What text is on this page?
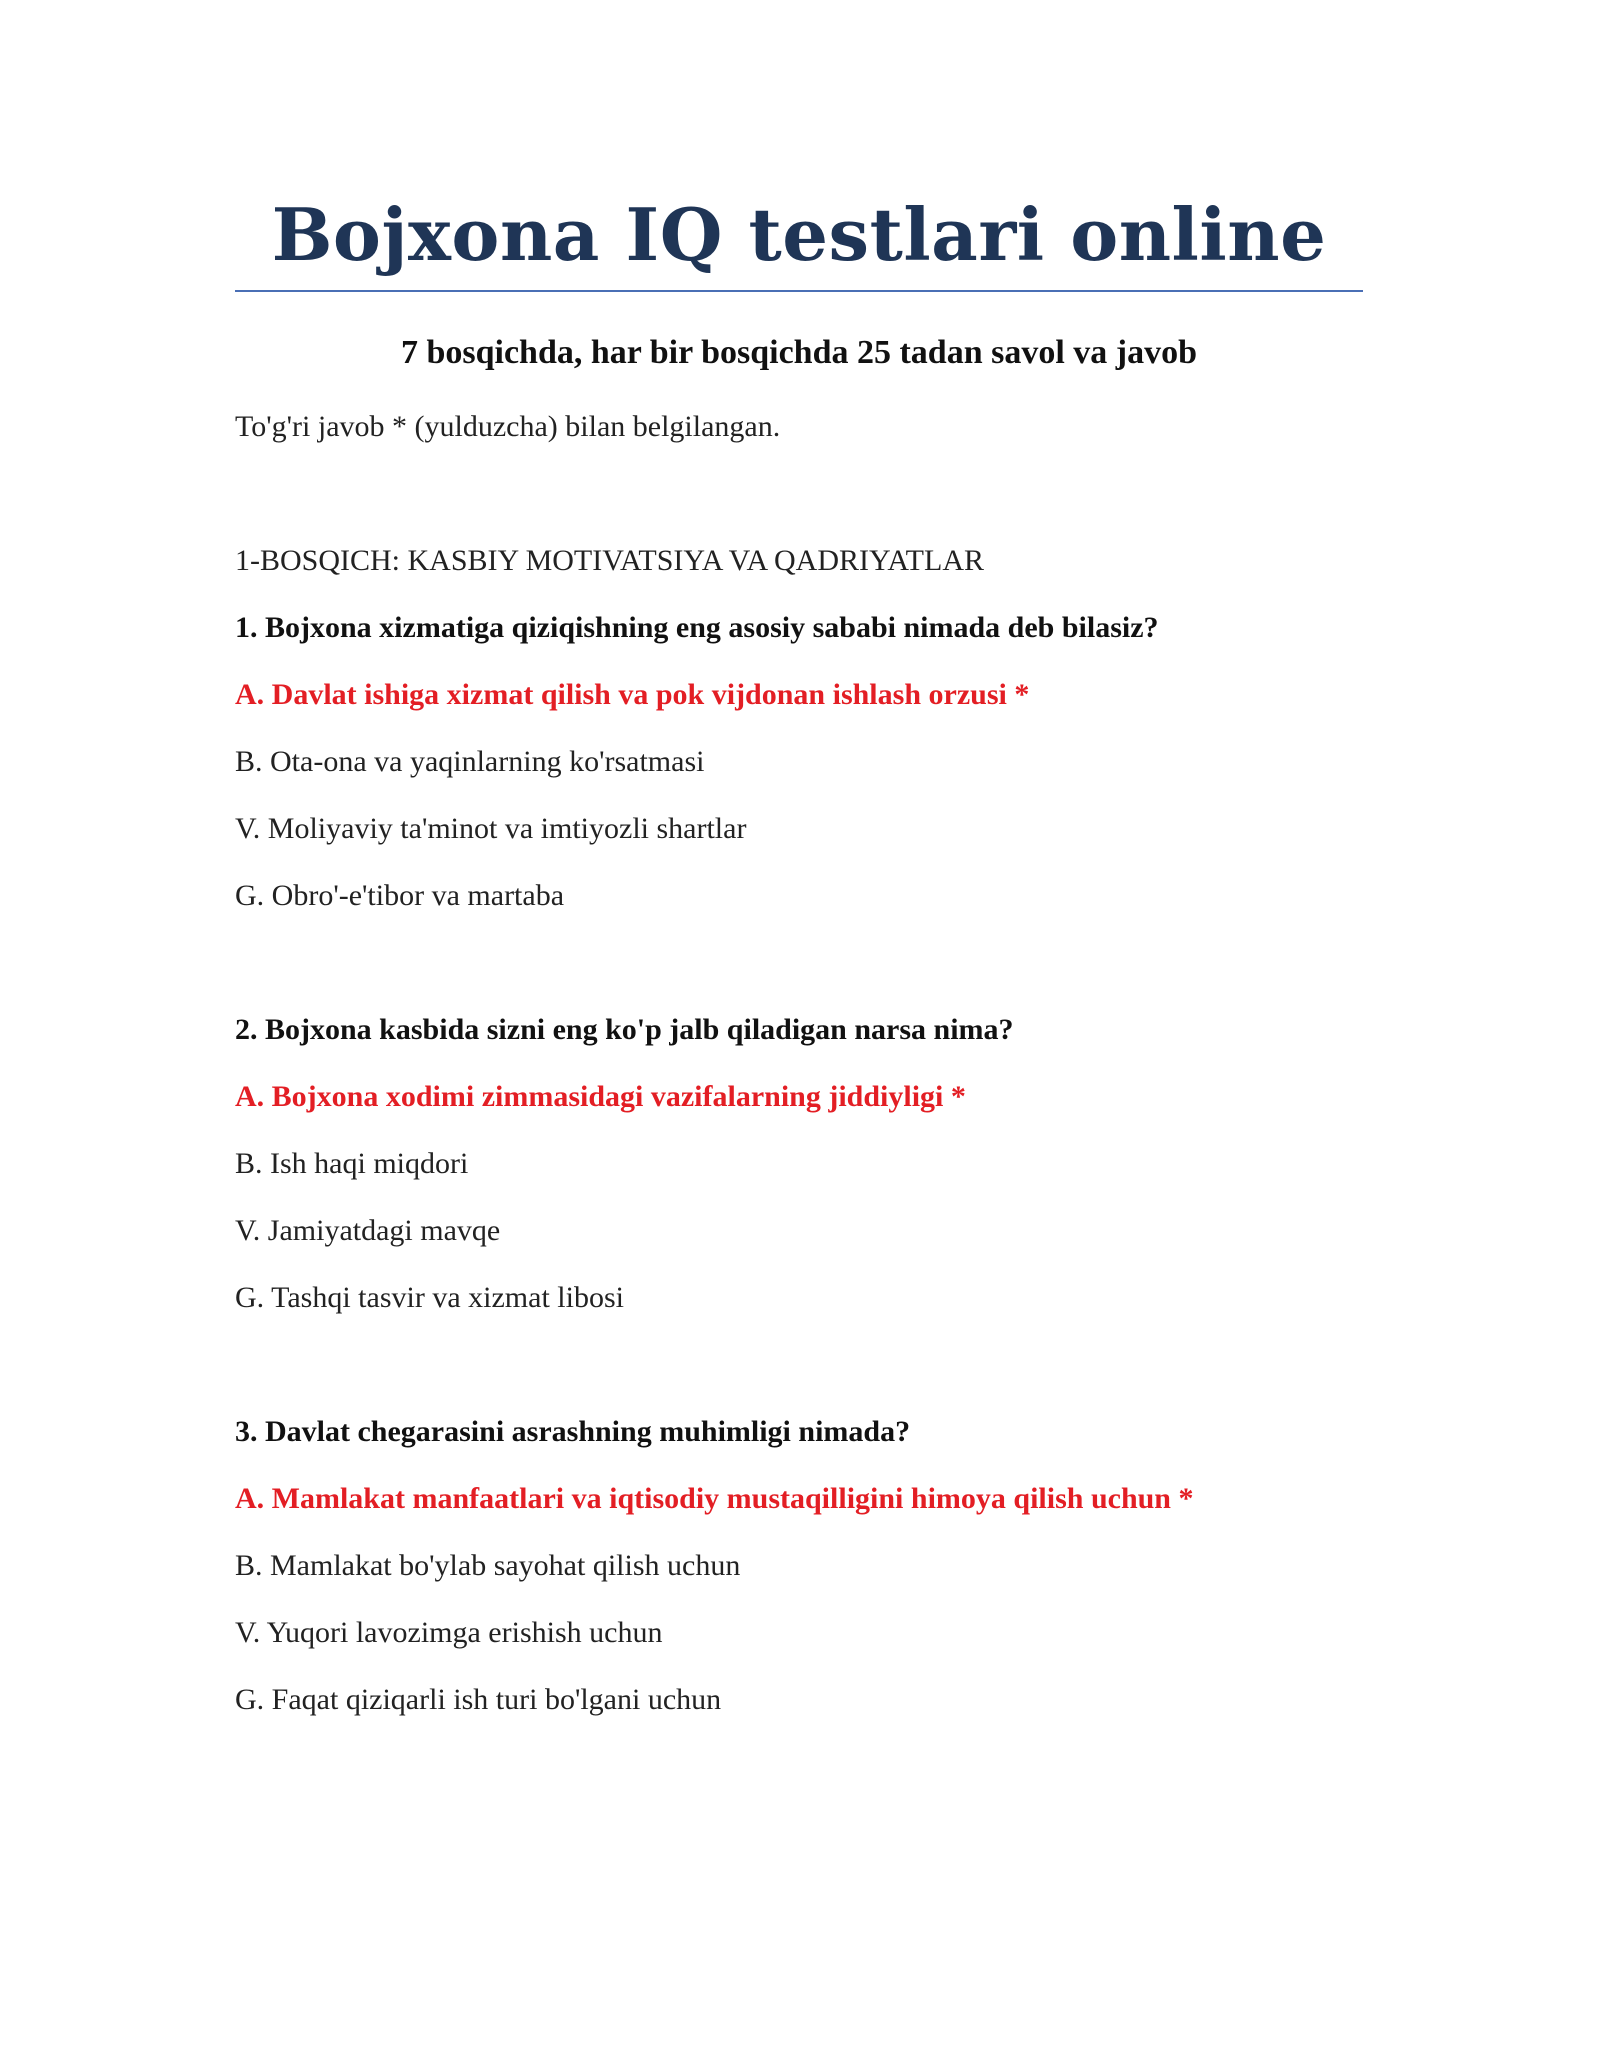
Bojxona IQ testlari online
7 bosqichda, har bir bosqichda 25 tadan savol va javob
To'g'ri javob * (yulduzcha) bilan belgilangan.
1-BOSQICH: KASBIY MOTIVATSIYA VA QADRIYATLAR
1. Bojxona xizmatiga qiziqishning eng asosiy sababi nimada deb bilasiz?
A. Davlat ishiga xizmat qilish va pok vijdonan ishlash orzusi *
B. Ota-ona va yaqinlarning ko'rsatmasi
V. Moliyaviy ta'minot va imtiyozli shartlar
G. Obro'-e'tibor va martaba
2. Bojxona kasbida sizni eng ko'p jalb qiladigan narsa nima?
A. Bojxona xodimi zimmasidagi vazifalarning jiddiyligi *
B. Ish haqi miqdori
V. Jamiyatdagi mavqe
G. Tashqi tasvir va xizmat libosi
3. Davlat chegarasini asrashning muhimligi nimada?
A. Mamlakat manfaatlari va iqtisodiy mustaqilligini himoya qilish uchun *
B. Mamlakat bo'ylab sayohat qilish uchun
V. Yuqori lavozimga erishish uchun
G. Faqat qiziqarli ish turi bo'lgani uchun
